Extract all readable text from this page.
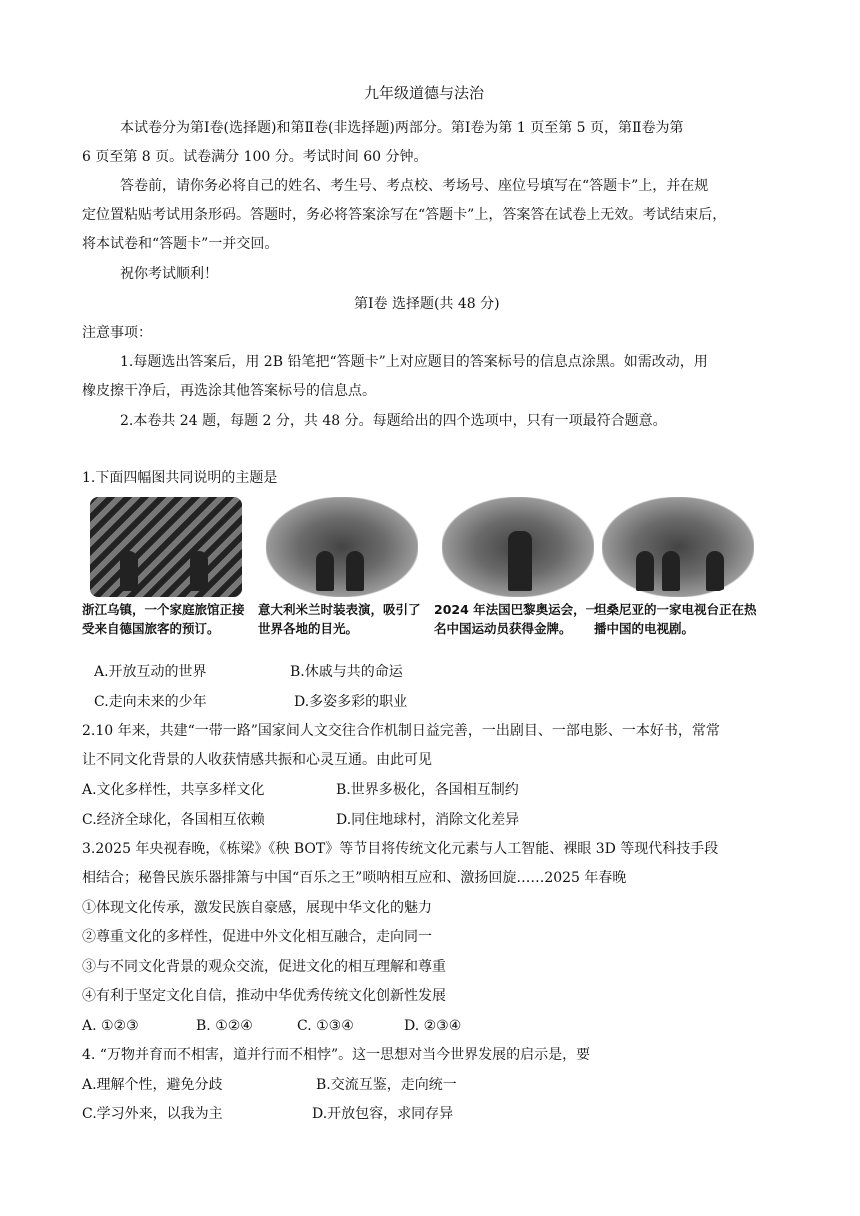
九年级道德与法治
本试卷分为第Ⅰ卷(选择题)和第Ⅱ卷(非选择题)两部分。第Ⅰ卷为第 1 页至第 5 页，第Ⅱ卷为第
6 页至第 8 页。试卷满分 100 分。考试时间 60 分钟。
答卷前，请你务必将自己的姓名、考生号、考点校、考场号、座位号填写在“答题卡”上，并在规
定位置粘贴考试用条形码。答题时，务必将答案涂写在“答题卡”上，答案答在试卷上无效。考试结束后，
将本试卷和“答题卡”一并交回。
祝你考试顺利！
第Ⅰ卷 选择题(共 48 分)
注意事项：
1.每题选出答案后，用 2B 铅笔把“答题卡”上对应题目的答案标号的信息点涂黑。如需改动，用
橡皮擦干净后，再选涂其他答案标号的信息点。
2.本卷共 24 题，每题 2 分，共 48 分。每题给出的四个选项中，只有一项最符合题意。
1.下面四幅图共同说明的主题是
浙江乌镇，一个家庭旅馆正接受来自德国旅客的预订。
意大利米兰时装表演，吸引了世界各地的目光。
2024 年法国巴黎奥运会，一名中国运动员获得金牌。
坦桑尼亚的一家电视台正在热播中国的电视剧。
A.开放互动的世界	B.休戚与共的命运
C.走向未来的少年	D.多姿多彩的职业
2.10 年来，共建“一带一路”国家间人文交往合作机制日益完善，一出剧目、一部电影、一本好书，常常
让不同文化背景的人收获情感共振和心灵互通。由此可见
A.文化多样性，共享多样文化	B.世界多极化，各国相互制约
C.经济全球化，各国相互依赖	D.同住地球村，消除文化差异
3.2025 年央视春晚，《栋梁》《秧 BOT》等节目将传统文化元素与人工智能、裸眼 3D 等现代科技手段
相结合；秘鲁民族乐器排箫与中国“百乐之王”唢呐相互应和、激扬回旋……2025 年春晚
①体现文化传承，激发民族自豪感，展现中华文化的魅力
②尊重文化的多样性，促进中外文化相互融合，走向同一
③与不同文化背景的观众交流，促进文化的相互理解和尊重
④有利于坚定文化自信，推动中华优秀传统文化创新性发展
A. ①②③	B. ①②④	C. ①③④	D. ②③④
4. “万物并育而不相害，道并行而不相悖”。这一思想对当今世界发展的启示是，要
A.理解个性，避免分歧	B.交流互鉴，走向统一
C.学习外来，以我为主	D.开放包容，求同存异
